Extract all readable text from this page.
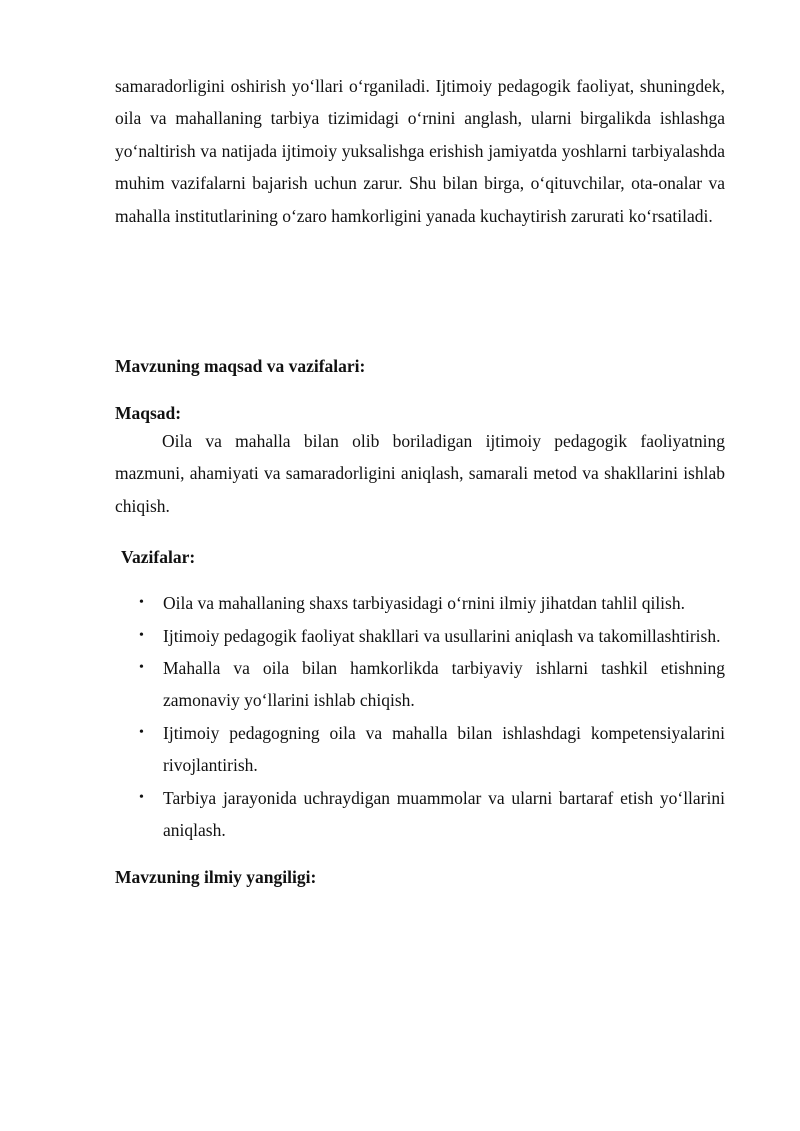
samaradorligini oshirish yo‘llari o‘rganiladi. Ijtimoiy pedagogik faoliyat, shuningdek, oila va mahallaning tarbiya tizimidagi o‘rnini anglash, ularni birgalikda ishlashga yo‘naltirish va natijada ijtimoiy yuksalishga erishish jamiyatda yoshlarni tarbiyalashda muhim vazifalarni bajarish uchun zarur. Shu bilan birga, o‘qituvchilar, ota-onalar va mahalla institutlarining o‘zaro hamkorligini yanada kuchaytirish zarurati ko‘rsatiladi.

Mavzuning maqsad va vazifalari:
Maqsad:

Oila va mahalla bilan olib boriladigan ijtimoiy pedagogik faoliyatning mazmuni, ahamiyati va samaradorligini aniqlash, samarali metod va shakllarini ishlab chiqish.

Vazifalar:
• Oila va mahallaning shaxs tarbiyasidagi o‘rnini ilmiy jihatdan tahlil qilish.
• Ijtimoiy pedagogik faoliyat shakllari va usullarini aniqlash va takomillashtirish.
• Mahalla va oila bilan hamkorlikda tarbiyaviy ishlarni tashkil etishning zamonaviy yo‘llarini ishlab chiqish.
• Ijtimoiy pedagogning oila va mahalla bilan ishlashdagi kompetensiyalarini rivojlantirish.
• Tarbiya jarayonida uchraydigan muammolar va ularni bartaraf etish yo‘llarini aniqlash.
Mavzuning ilmiy yangiligi:
